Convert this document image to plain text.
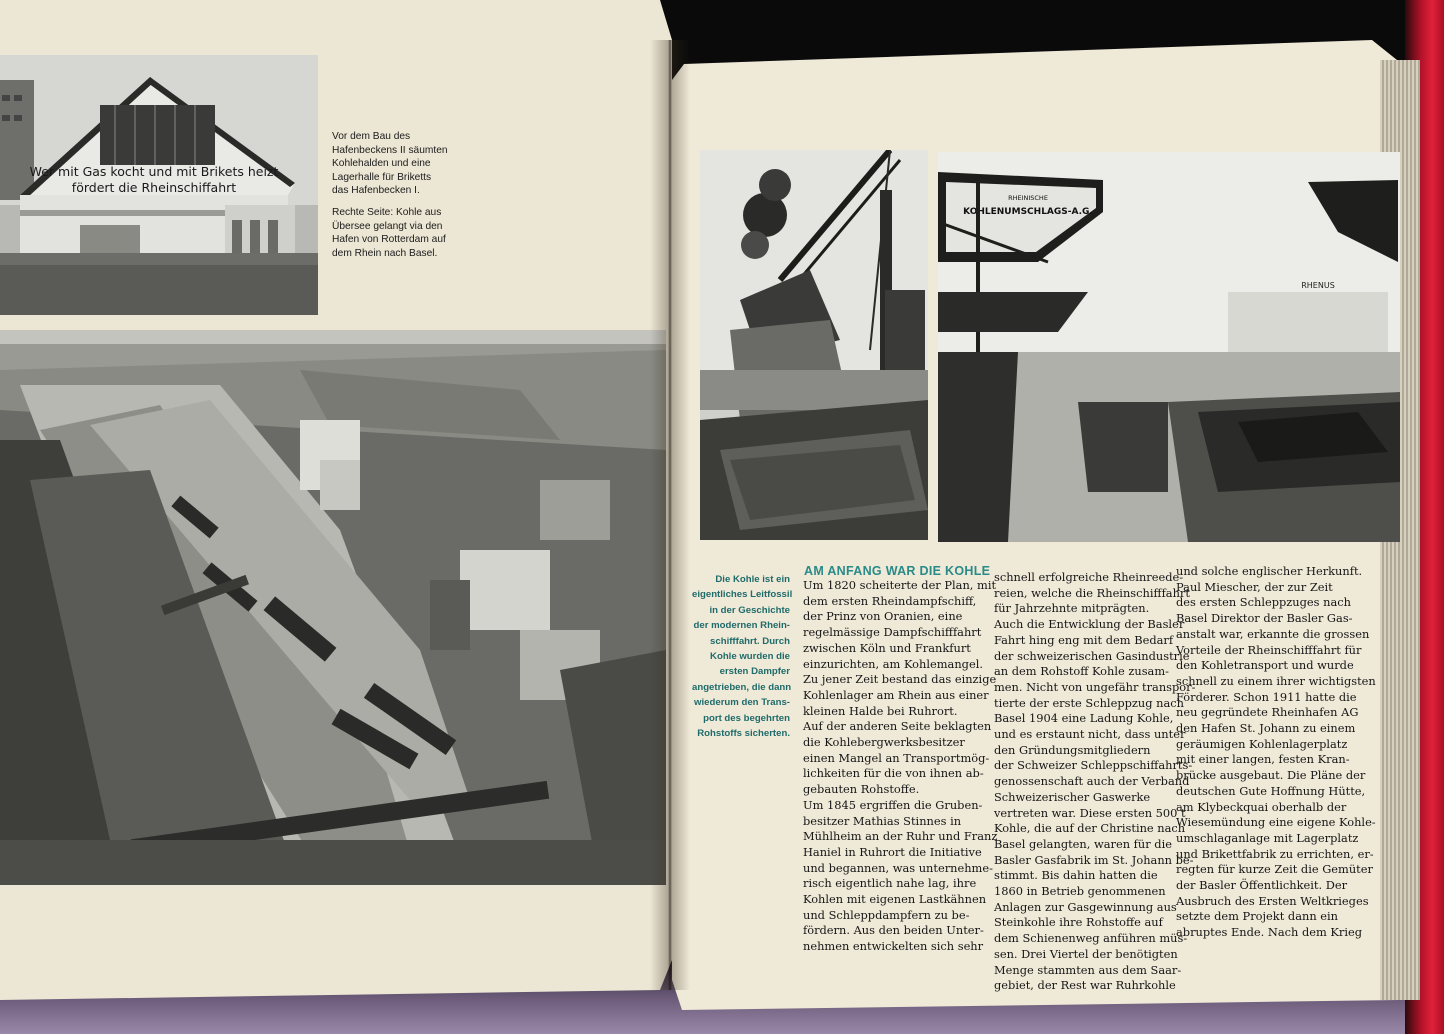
Wer mit Gas kocht und mit Brikets heizt
fördert die Rheinschiffahrt
RHEINISCHE
KOHLENUMSCHLAGS-A.G.
RHENUS

Vor dem Bau des
Hafenbeckens II säumten
Kohlehalden und eine
Lagerhalle für Briketts
das Hafenbecken I.

Rechte Seite: Kohle aus
Übersee gelangt via den
Hafen von Rotterdam auf
dem Rhein nach Basel.

Die Kohle ist ein
eigentliches Leitfossil
in der Geschichte
der modernen Rhein-
schifffahrt. Durch
Kohle wurden die
ersten Dampfer
angetrieben, die dann
wiederum den Trans-
port des begehrten
Rohstoffs sicherten.
AM ANFANG WAR DIE KOHLE
Um 1820 scheiterte der Plan, mit
dem ersten Rheindampfschiff,
der Prinz von Oranien, eine
regelmässige Dampfschifffahrt
zwischen Köln und Frankfurt
einzurichten, am Kohlemangel.
Zu jener Zeit bestand das einzige
Kohlenlager am Rhein aus einer
kleinen Halde bei Ruhrort.
Auf der anderen Seite beklagten
die Kohlebergwerksbesitzer
einen Mangel an Transportmög-
lichkeiten für die von ihnen ab-
gebauten Rohstoffe.
Um 1845 ergriffen die Gruben-
besitzer Mathias Stinnes in
Mühlheim an der Ruhr und Franz
Haniel in Ruhrort die Initiative
und begannen, was unternehme-
risch eigentlich nahe lag, ihre
Kohlen mit eigenen Lastkähnen
und Schleppdampfern zu be-
fördern. Aus den beiden Unter-
nehmen entwickelten sich sehr
schnell erfolgreiche Rheinreede-
reien, welche die Rheinschifffahrt
für Jahrzehnte mitprägten.
Auch die Entwicklung der Basler
Fahrt hing eng mit dem Bedarf
der schweizerischen Gasindustrie
an dem Rohstoff Kohle zusam-
men. Nicht von ungefähr transpor-
tierte der erste Schleppzug nach
Basel 1904 eine Ladung Kohle,
und es erstaunt nicht, dass unter
den Gründungsmitgliedern
der Schweizer Schleppschiffahrts-
genossenschaft auch der Verband
Schweizerischer Gaswerke
vertreten war. Diese ersten 500 t
Kohle, die auf der Christine nach
Basel gelangten, waren für die
Basler Gasfabrik im St. Johann be-
stimmt. Bis dahin hatten die
1860 in Betrieb genommenen
Anlagen zur Gasgewinnung aus
Steinkohle ihre Rohstoffe auf
dem Schienenweg anführen müs-
sen. Drei Viertel der benötigten
Menge stammten aus dem Saar-
gebiet, der Rest war Ruhrkohle
und solche englischer Herkunft.
Paul Miescher, der zur Zeit
des ersten Schleppzuges nach
Basel Direktor der Basler Gas-
anstalt war, erkannte die grossen
Vorteile der Rheinschifffahrt für
den Kohletransport und wurde
schnell zu einem ihrer wichtigsten
Förderer. Schon 1911 hatte die
neu gegründete Rheinhafen AG
den Hafen St. Johann zu einem
geräumigen Kohlenlagerplatz
mit einer langen, festen Kran-
brücke ausgebaut. Die Pläne der
deutschen Gute Hoffnung Hütte,
am Klybeckquai oberhalb der
Wiesemündung eine eigene Kohle-
umschlaganlage mit Lagerplatz
und Brikettfabrik zu errichten, er-
regten für kurze Zeit die Gemüter
der Basler Öffentlichkeit. Der
Ausbruch des Ersten Weltkrieges
setzte dem Projekt dann ein
abruptes Ende. Nach dem Krieg
